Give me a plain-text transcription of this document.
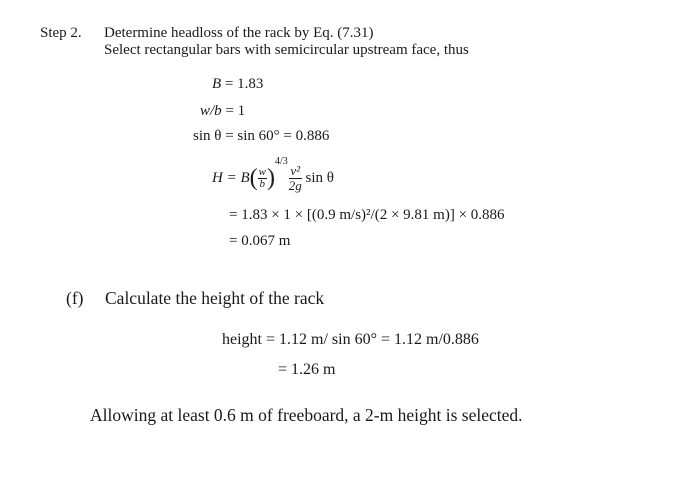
Step 2. Determine headloss of the rack by Eq. (7.31)
Select rectangular bars with semicircular upstream face, thus
B = 1.83
w/b = 1
sin θ = sin 60° = 0.886
$H = B( \frac{w}{b} )^{4/3}$
$\frac{\text{v²}}{2g}$ sin θ
= 1.83 × 1 × [(0.9 m/s)²/(2 × 9.81 m)] × 0.886
= 0.067 m
(f) Calculate the height of the rack
height = 1.12 m/ sin 60° = 1.12 m/0.886
= 1.26 m
Allowing at least 0.6 m of freeboard, a 2-m height is selected.
